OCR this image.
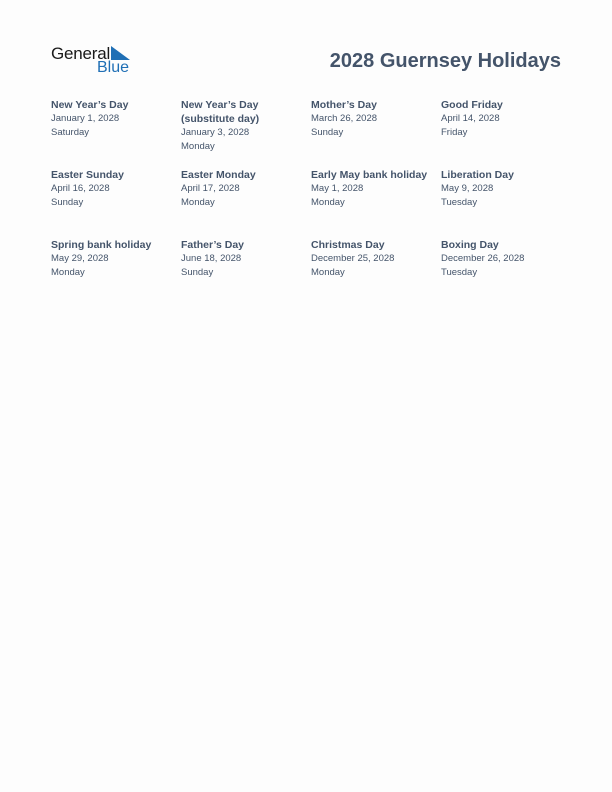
General
Blue	2028 Guernsey Holidays
New Year’s Day
January 1, 2028
Saturday
New Year’s Day (substitute day)
January 3, 2028
Monday
Mother’s Day
March 26, 2028
Sunday
Good Friday
April 14, 2028
Friday
Easter Sunday
April 16, 2028
Sunday
Easter Monday
April 17, 2028
Monday
Early May bank holiday
May 1, 2028
Monday
Liberation Day
May 9, 2028
Tuesday
Spring bank holiday
May 29, 2028
Monday
Father’s Day
June 18, 2028
Sunday
Christmas Day
December 25, 2028
Monday
Boxing Day
December 26, 2028
Tuesday
